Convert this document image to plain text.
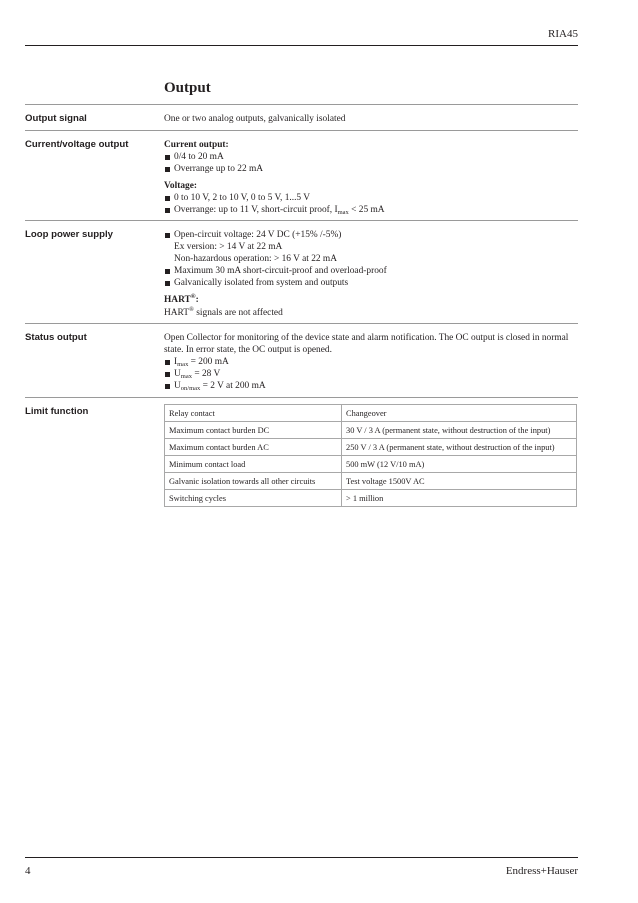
RIA45
Output
Output signal	One or two analog outputs, galvanically isolated
Current/voltage output	Current output:
0/4 to 20 mA
Overrange up to 22 mA
Voltage:
0 to 10 V, 2 to 10 V, 0 to 5 V, 1...5 V
Overrange: up to 11 V, short-circuit proof, $I_{max} < 25$ mA
Loop power supply	Open-circuit voltage: 24 V DC (+15% /-5%)
Ex version: > 14 V at 22 mA
Non-hazardous operation: > 16 V at 22 mA
Maximum 30 mA short-circuit-proof and overload-proof
Galvanically isolated from system and outputs
HART®:
HART® signals are not affected
Status output	Open Collector for monitoring of the device state and alarm notification. The OC output is closed in normal state. In error state, the OC output is opened.
$I_{max} = 200$ mA
$U_{max} = 28$ V
$U_{on/max} = 2$ V at 200 mA
Limit function	Relay contact	Changeover
Maximum contact burden DC	30 V / 3 A (permanent state, without destruction of the input)
Maximum contact burden AC	250 V / 3 A (permanent state, without destruction of the input)
Minimum contact load	500 mW (12 V/10 mA)
Galvanic isolation towards all other circuits	Test voltage 1500V AC
Switching cycles	> 1 million
4	Endress+Hauser
